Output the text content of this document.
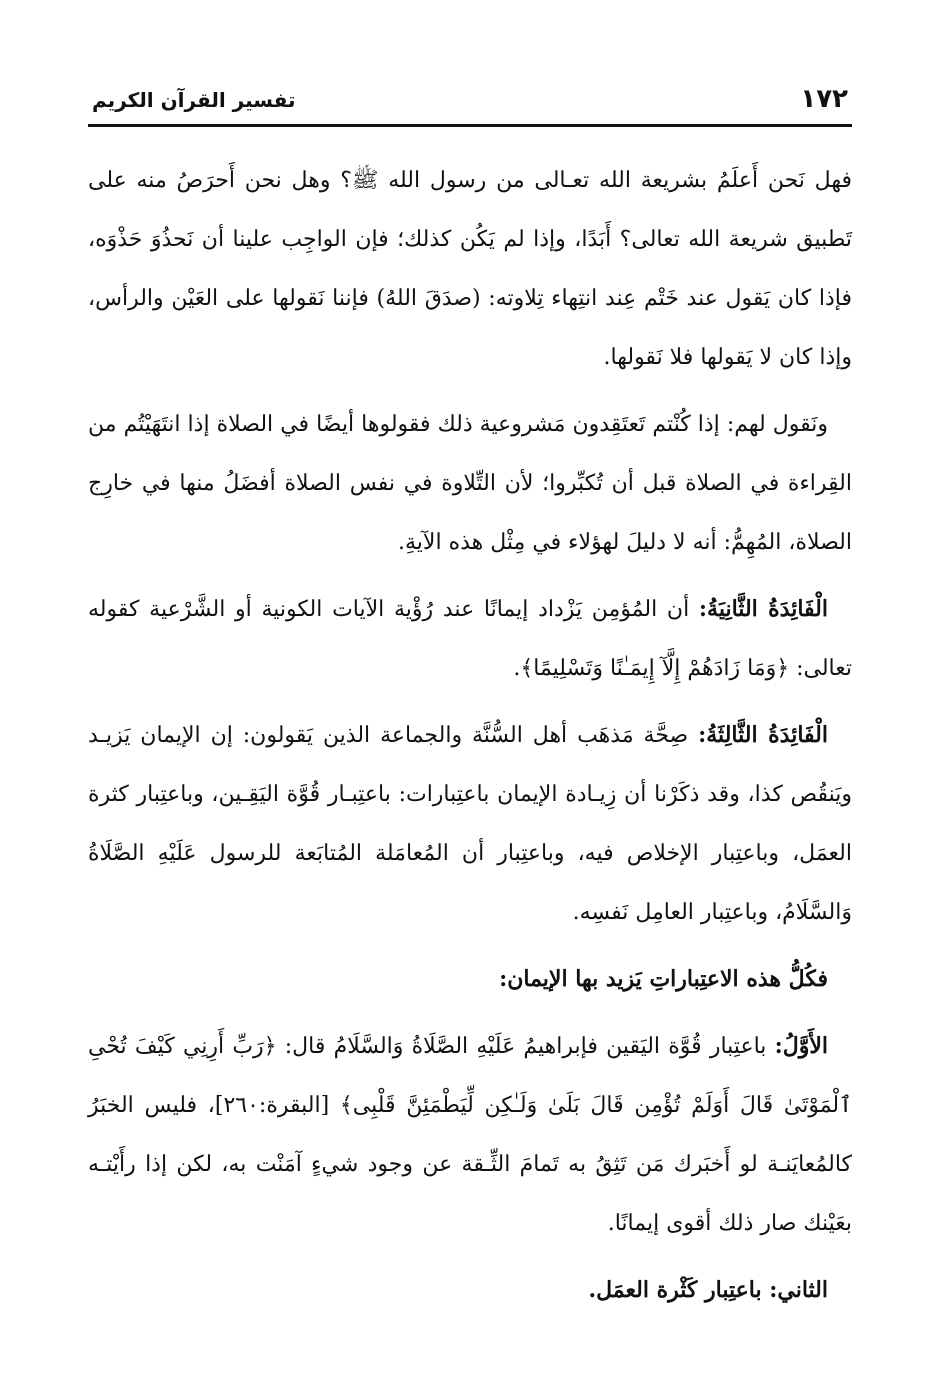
١٧٢
تفسير القرآن الكريم

فهل نَحن أَعلَمُ بشريعة الله تعـالى من رسول الله ﷺ؟ وهل نحن أَحرَصُ منه على تَطبيق شريعة الله تعالى؟ أَبَدًا، وإذا لم يَكُن كذلك؛ فإن الواجِب علينا أن نَحذُوَ حَذْوَه، فإذا كان يَقول عند خَتْم عِند انتِهاء تِلاوته: (صدَقَ اللهُ) فإننا نَقولها على العَيْن والرأس، وإذا كان لا يَقولها فلا نَقولها.

ونَقول لهم: إذا كُنْتم تَعتَقِدون مَشروعية ذلك فقولوها أيضًا في الصلاة إذا انتَهَيْتُم من القِراءة في الصلاة قبل أن تُكبِّروا؛ لأن التِّلاوة في نفس الصلاة أفضَلُ منها في خارِج الصلاة، المُهِمُّ: أنه لا دليلَ لهؤلاء في مِثْل هذه الآيةِ.

الْفَائِدَةُ الثَّانِيَةُ: أن المُؤمِن يَزْداد إيمانًا عند رُؤْية الآيات الكونية أو الشَّرْعية كقوله تعالى: ﴿وَمَا زَادَهُمْ إِلَّآ إِيمَـٰنًا وَتَسْلِيمًا﴾.

الْفَائِدَةُ الثَّالِثَةُ: صِحَّة مَذهَب أهل السُّنَّة والجماعة الذين يَقولون: إن الإيمان يَزيـد ويَنقُص كذا، وقد ذكَرْنا أن زِيـادة الإيمان باعتِبارات: باعتِبـار قُوَّة اليَقِـين، وباعتِبار كثرة العمَل، وباعتِبار الإخلاص فيه، وباعتِبار أن المُعامَلة المُتابَعة للرسول عَلَيْهِ الصَّلَاةُ وَالسَّلَامُ، وباعتِبار العامِل نَفسِه.

فكُلُّ هذه الاعتِباراتِ يَزيد بها الإيمان:

الأَوَّلُ: باعتِبار قُوَّة اليَقين فإبراهيمُ عَلَيْهِ الصَّلَاةُ وَالسَّلَامُ قال: ﴿رَبِّ أَرِنِي كَيْفَ تُحْىِ ٱلْمَوْتَىٰ قَالَ أَوَلَمْ تُؤْمِن قَالَ بَلَىٰ وَلَـٰكِن لِّيَطْمَئِنَّ قَلْبِى﴾ [البقرة:٢٦٠]، فليس الخبَرُ كالمُعايَنـة لو أَخبَرك مَن تَثِقُ به تَمامَ الثِّـقة عن وجود شيءٍ آمَنْت به، لكن إذا رأَيْتـه بعَيْنك صار ذلك أقوى إيمانًا.

الثاني: باعتِبار كَثْرة العمَل.
